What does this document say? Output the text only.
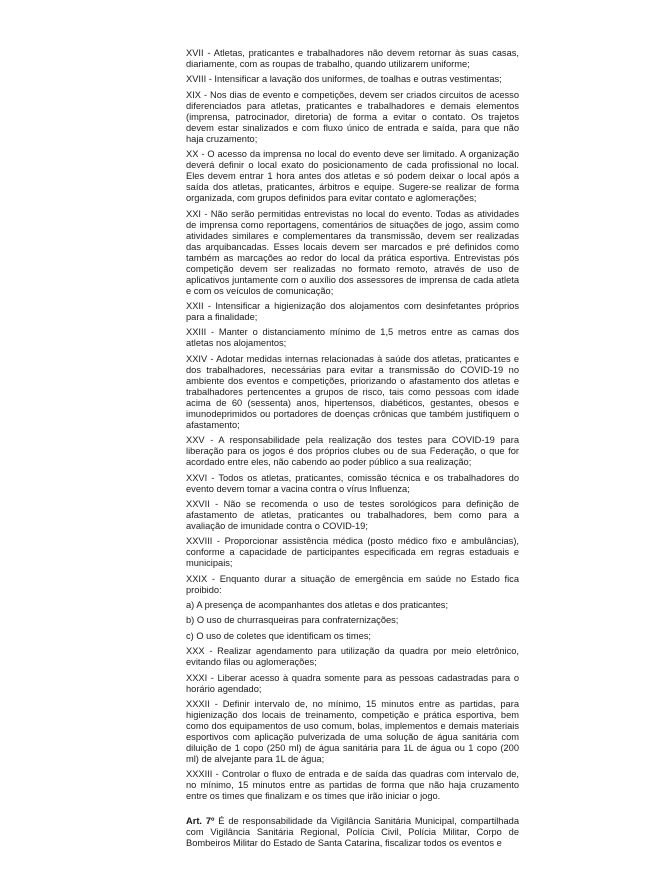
XVII - Atletas, praticantes e trabalhadores não devem retornar às suas casas, diariamente, com as roupas de trabalho, quando utilizarem uniforme;

XVIII - Intensificar a lavação dos uniformes, de toalhas e outras vestimentas;

XIX - Nos dias de evento e competições, devem ser criados circuitos de acesso diferenciados para atletas, praticantes e trabalhadores e demais elementos (imprensa, patrocinador, diretoria) de forma a evitar o contato. Os trajetos devem estar sinalizados e com fluxo único de entrada e saída, para que não haja cruzamento;

XX - O acesso da imprensa no local do evento deve ser limitado. A organização deverá definir o local exato do posicionamento de cada profissional no local. Eles devem entrar 1 hora antes dos atletas e só podem deixar o local após a saída dos atletas, praticantes, árbitros e equipe. Sugere-se realizar de forma organizada, com grupos definidos para evitar contato e aglomerações;

XXI - Não serão permitidas entrevistas no local do evento. Todas as atividades de imprensa como reportagens, comentários de situações de jogo, assim como atividades similares e complementares da transmissão, devem ser realizadas das arquibancadas. Esses locais devem ser marcados e pré definidos como também as marcações ao redor do local da prática esportiva. Entrevistas pós competição devem ser realizadas no formato remoto, através de uso de aplicativos juntamente com o auxílio dos assessores de imprensa de cada atleta e com os veículos de comunicação;

XXII - Intensificar a higienização dos alojamentos com desinfetantes próprios para a finalidade;

XXIII - Manter o distanciamento mínimo de 1,5 metros entre as camas dos atletas nos alojamentos;

XXIV - Adotar medidas internas relacionadas à saúde dos atletas, praticantes e dos trabalhadores, necessárias para evitar a transmissão do COVID-19 no ambiente dos eventos e competições, priorizando o afastamento dos atletas e trabalhadores pertencentes a grupos de risco, tais como pessoas com idade acima de 60 (sessenta) anos, hipertensos, diabéticos, gestantes, obesos e imunodeprimidos ou portadores de doenças crônicas que também justifiquem o afastamento;

XXV - A responsabilidade pela realização dos testes para COVID-19 para liberação para os jogos é dos próprios clubes ou de sua Federação, o que for acordado entre eles, não cabendo ao poder público a sua realização;

XXVI - Todos os atletas, praticantes, comissão técnica e os trabalhadores do evento devem tomar a vacina contra o vírus Influenza;

XXVII - Não se recomenda o uso de testes sorológicos para definição de afastamento de atletas, praticantes ou trabalhadores, bem como para a avaliação de imunidade contra o COVID-19;

XXVIII - Proporcionar assistência médica (posto médico fixo e ambulâncias), conforme a capacidade de participantes especificada em regras estaduais e municipais;

XXIX - Enquanto durar a situação de emergência em saúde no Estado fica proibido:

a) A presença de acompanhantes dos atletas e dos praticantes;

b) O uso de churrasqueiras para confraternizações;

c) O uso de coletes que identificam os times;

XXX - Realizar agendamento para utilização da quadra por meio eletrônico, evitando filas ou aglomerações;

XXXI - Liberar acesso à quadra somente para as pessoas cadastradas para o horário agendado;

XXXII - Definir intervalo de, no mínimo, 15 minutos entre as partidas, para higienização dos locais de treinamento, competição e prática esportiva, bem como dos equipamentos de uso comum, bolas, implementos e demais materiais esportivos com aplicação pulverizada de uma solução de água sanitária com diluição de 1 copo (250 ml) de água sanitária para 1L de água ou 1 copo (200 ml) de alvejante para 1L de água;

XXXIII - Controlar o fluxo de entrada e de saída das quadras com intervalo de, no mínimo, 15 minutos entre as partidas de forma que não haja cruzamento entre os times que finalizam e os times que irão iniciar o jogo.

Art. 7º É de responsabilidade da Vigilância Sanitária Municipal, compartilhada com Vigilância Sanitária Regional, Polícia Civil, Polícia Militar, Corpo de Bombeiros Militar do Estado de Santa Catarina, fiscalizar todos os eventos e
